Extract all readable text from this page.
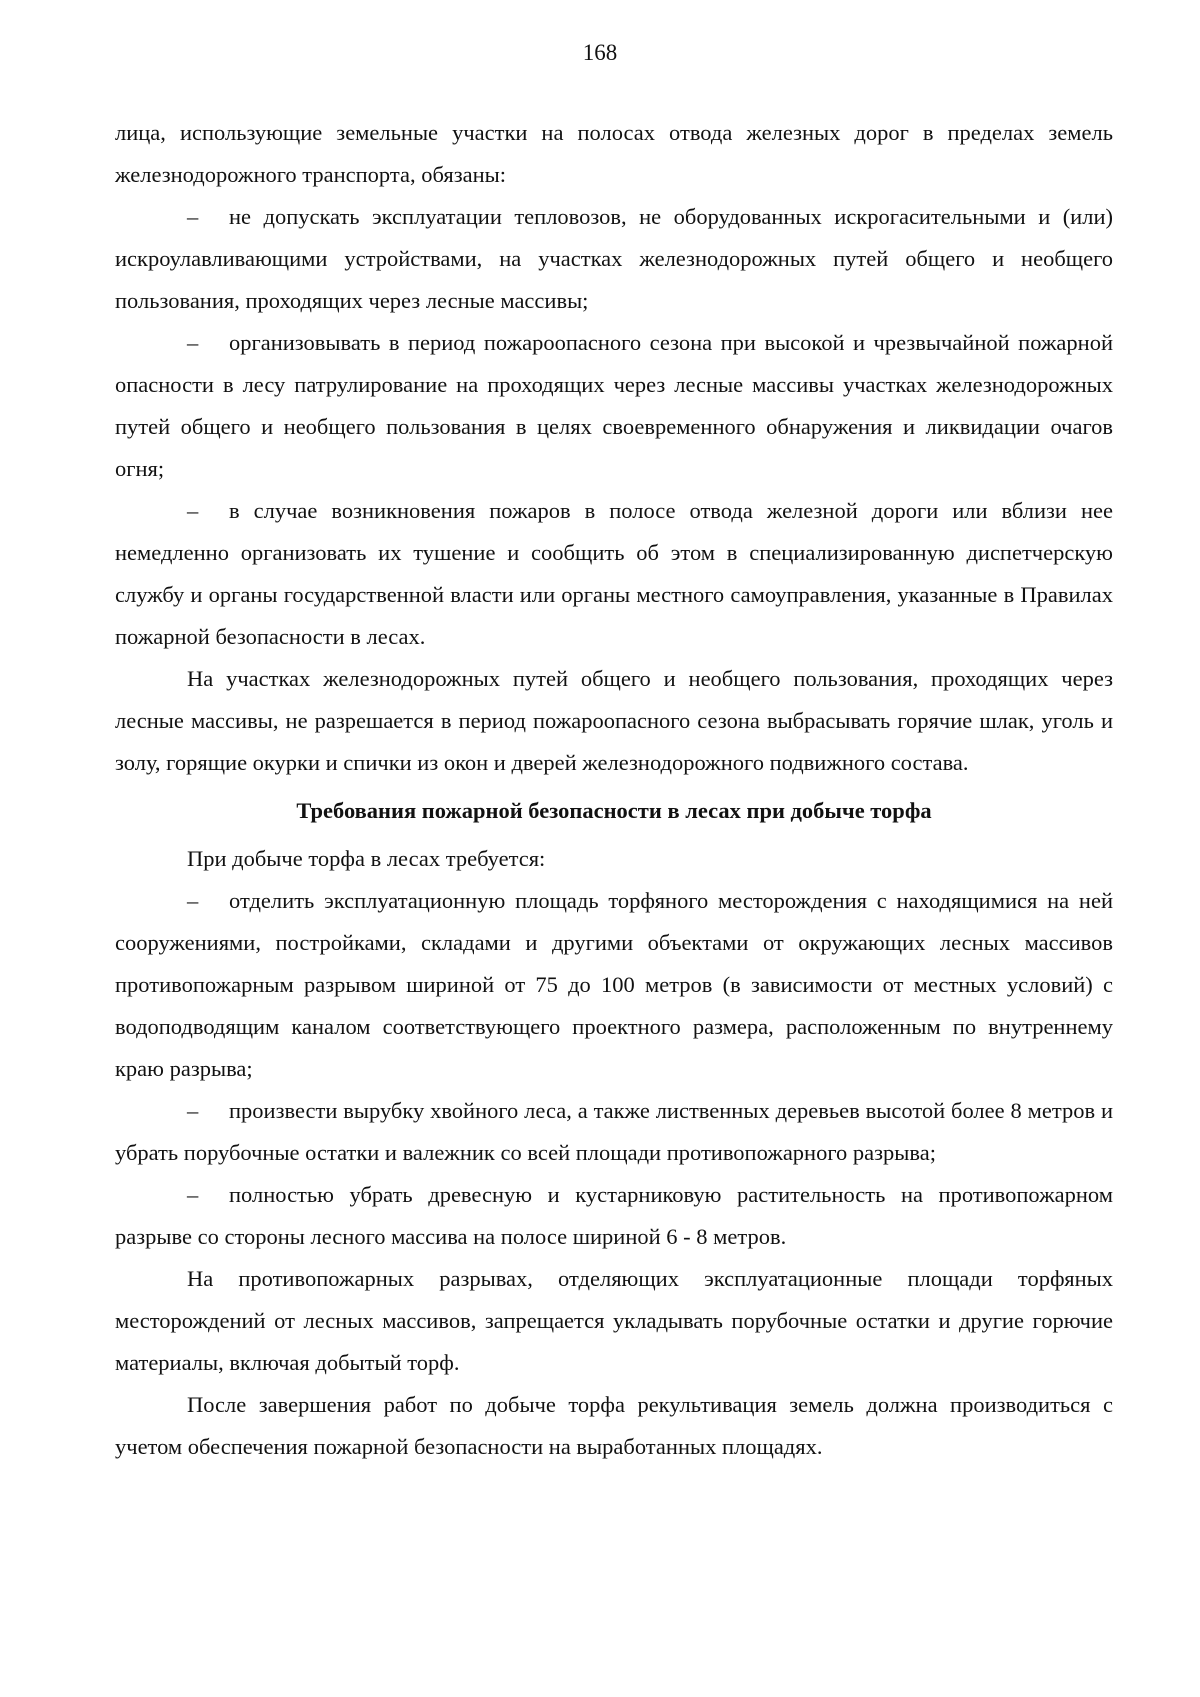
168

лица, использующие земельные участки на полосах отвода железных дорог в пределах земель железнодорожного транспорта, обязаны:

– не допускать эксплуатации тепловозов, не оборудованных искрогасительными и (или) искроулавливающими устройствами, на участках железнодорожных путей общего и необщего пользования, проходящих через лесные массивы;

– организовывать в период пожароопасного сезона при высокой и чрезвычайной пожарной опасности в лесу патрулирование на проходящих через лесные массивы участках железнодорожных путей общего и необщего пользования в целях своевременного обнаружения и ликвидации очагов огня;

– в случае возникновения пожаров в полосе отвода железной дороги или вблизи нее немедленно организовать их тушение и сообщить об этом в специализированную диспетчерскую службу и органы государственной власти или органы местного самоуправления, указанные в Правилах пожарной безопасности в лесах.

На участках железнодорожных путей общего и необщего пользования, проходящих через лесные массивы, не разрешается в период пожароопасного сезона выбрасывать горячие шлак, уголь и золу, горящие окурки и спички из окон и дверей железнодорожного подвижного состава.

Требования пожарной безопасности в лесах при добыче торфа

При добыче торфа в лесах требуется:

– отделить эксплуатационную площадь торфяного месторождения с находящимися на ней сооружениями, постройками, складами и другими объектами от окружающих лесных массивов противопожарным разрывом шириной от 75 до 100 метров (в зависимости от местных условий) с водоподводящим каналом соответствующего проектного размера, расположенным по внутреннему краю разрыва;

– произвести вырубку хвойного леса, а также лиственных деревьев высотой более 8 метров и убрать порубочные остатки и валежник со всей площади противопожарного разрыва;

– полностью убрать древесную и кустарниковую растительность на противопожарном разрыве со стороны лесного массива на полосе шириной 6 - 8 метров.

На противопожарных разрывах, отделяющих эксплуатационные площади торфяных месторождений от лесных массивов, запрещается укладывать порубочные остатки и другие горючие материалы, включая добытый торф.

После завершения работ по добыче торфа рекультивация земель должна производиться с учетом обеспечения пожарной безопасности на выработанных площадях.
